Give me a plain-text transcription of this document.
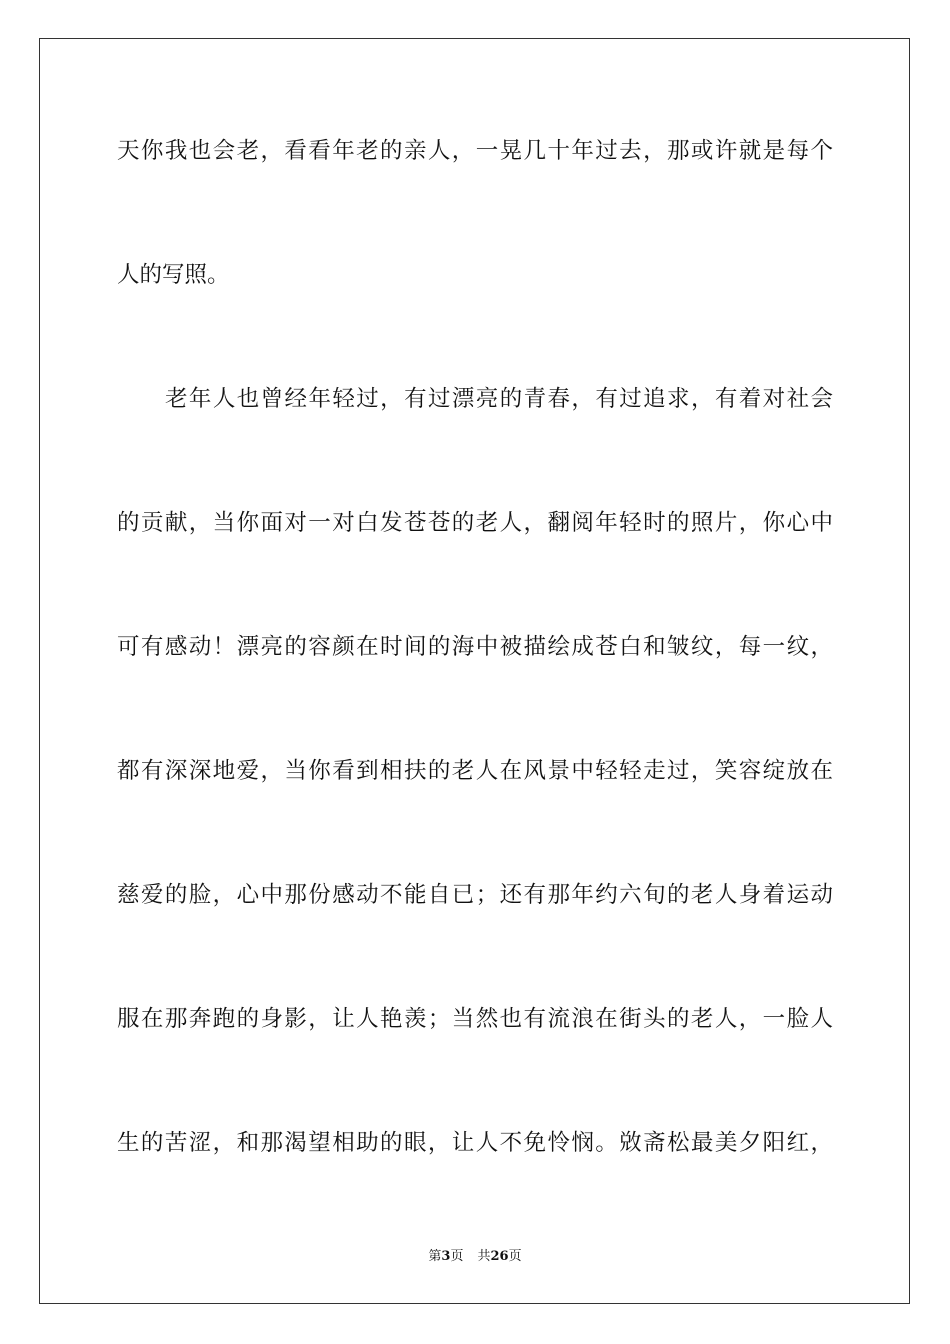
天你我也会老，看看年老的亲人，一晃几十年过去，那或许就是每个
人的写照。
老年人也曾经年轻过，有过漂亮的青春，有过追求，有着对社会
的贡献，当你面对一对白发苍苍的老人，翻阅年轻时的照片，你心中
可有感动！漂亮的容颜在时间的海中被描绘成苍白和皱纹，每一纹，
都有深深地爱，当你看到相扶的老人在风景中轻轻走过，笑容绽放在
慈爱的脸，心中那份感动不能自已；还有那年约六旬的老人身着运动
服在那奔跑的身影，让人艳羡；当然也有流浪在街头的老人，一脸人
生的苦涩，和那渴望相助的眼，让人不免怜悯。敚斋松最美夕阳红，
第3页 共26页
